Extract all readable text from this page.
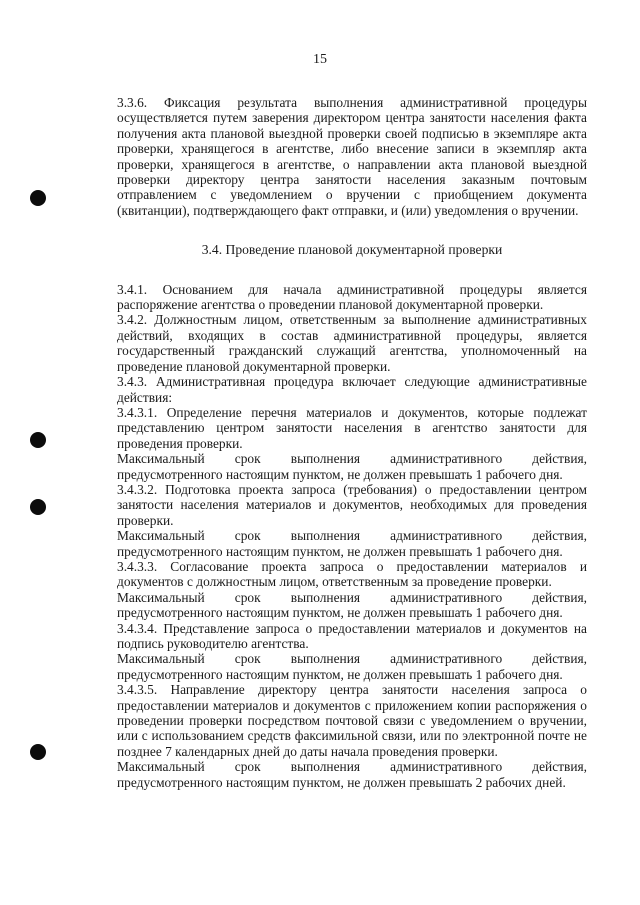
15

3.3.6. Фиксация результата выполнения административной процедуры осуществляется путем заверения директором центра занятости населения факта получения акта плановой выездной проверки своей подписью в экземпляре акта проверки, хранящегося в агентстве, либо внесение записи в экземпляр акта проверки, хранящегося в агентстве, о направлении акта плановой выездной проверки директору центра занятости населения заказным почтовым отправлением с уведомлением о вручении с приобщением документа (квитанции), подтверждающего факт отправки, и (или) уведомления о вручении.

3.4. Проведение плановой документарной проверки

3.4.1. Основанием для начала административной процедуры является распоряжение агентства о проведении плановой документарной проверки.

3.4.2. Должностным лицом, ответственным за выполнение административных действий, входящих в состав административной процедуры, является государственный гражданский служащий агентства, уполномоченный на проведение плановой документарной проверки.

3.4.3. Административная процедура включает следующие административные действия:

3.4.3.1. Определение перечня материалов и документов, которые подлежат представлению центром занятости населения в агентство занятости для проведения проверки.

Максимальный срок выполнения административного действия, предусмотренного настоящим пунктом, не должен превышать 1 рабочего дня.

3.4.3.2. Подготовка проекта запроса (требования) о предоставлении центром занятости населения материалов и документов, необходимых для проведения проверки.

Максимальный срок выполнения административного действия, предусмотренного настоящим пунктом, не должен превышать 1 рабочего дня.

3.4.3.3. Согласование проекта запроса о предоставлении материалов и документов с должностным лицом, ответственным за проведение проверки.

Максимальный срок выполнения административного действия, предусмотренного настоящим пунктом, не должен превышать 1 рабочего дня.

3.4.3.4. Представление запроса о предоставлении материалов и документов на подпись руководителю агентства.

Максимальный срок выполнения административного действия, предусмотренного настоящим пунктом, не должен превышать 1 рабочего дня.

3.4.3.5. Направление директору центра занятости населения запроса о предоставлении материалов и документов с приложением копии распоряжения о проведении проверки посредством почтовой связи с уведомлением о вручении, или с использованием средств факсимильной связи, или по электронной почте не позднее 7 календарных дней до даты начала проведения проверки.

Максимальный срок выполнения административного действия, предусмотренного настоящим пунктом, не должен превышать 2 рабочих дней.
